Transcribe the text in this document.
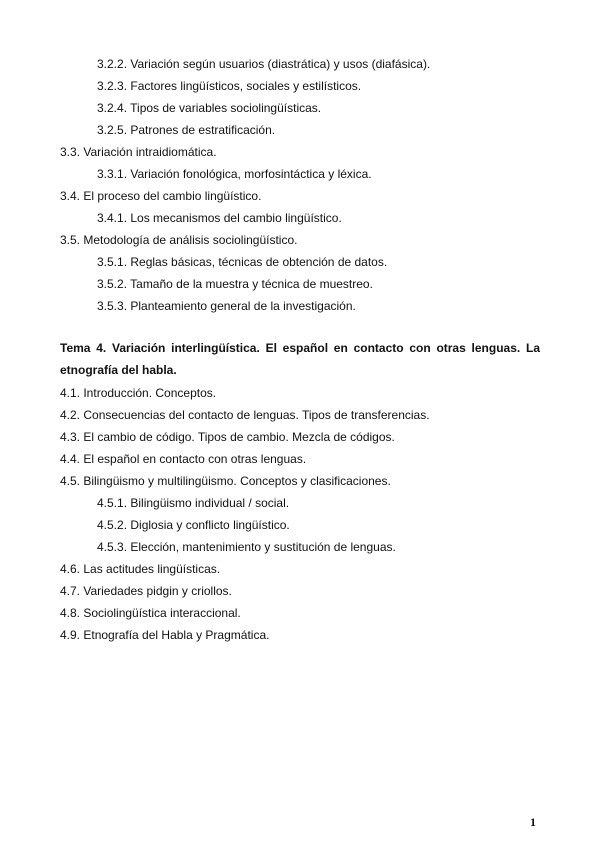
3.2.2. Variación según usuarios (diastrática) y usos (diafásica).
3.2.3. Factores lingüísticos, sociales y estilísticos.
3.2.4. Tipos de variables sociolingüísticas.
3.2.5. Patrones de estratificación.
3.3. Variación intraidiomática.
3.3.1. Variación fonológica, morfosintáctica y léxica.
3.4. El proceso del cambio lingüístico.
3.4.1. Los mecanismos del cambio lingüístico.
3.5. Metodología de análisis sociolingüístico.
3.5.1. Reglas básicas, técnicas de obtención de datos.
3.5.2. Tamaño de la muestra y técnica de muestreo.
3.5.3. Planteamiento general de la investigación.
Tema 4. Variación interlingüística. El español en contacto con otras lenguas. La etnografía del habla.
4.1. Introducción. Conceptos.
4.2. Consecuencias del contacto de lenguas. Tipos de transferencias.
4.3. El cambio de código. Tipos de cambio. Mezcla de códigos.
4.4. El español en contacto con otras lenguas.
4.5. Bilingüismo y multilingüismo. Conceptos y clasificaciones.
4.5.1. Bilingüismo individual / social.
4.5.2. Diglosia y conflicto lingüístico.
4.5.3. Elección, mantenimiento y sustitución de lenguas.
4.6. Las actitudes lingüísticas.
4.7. Variedades pidgin y criollos.
4.8. Sociolingüística interaccional.
4.9. Etnografía del Habla y Pragmática.
1
